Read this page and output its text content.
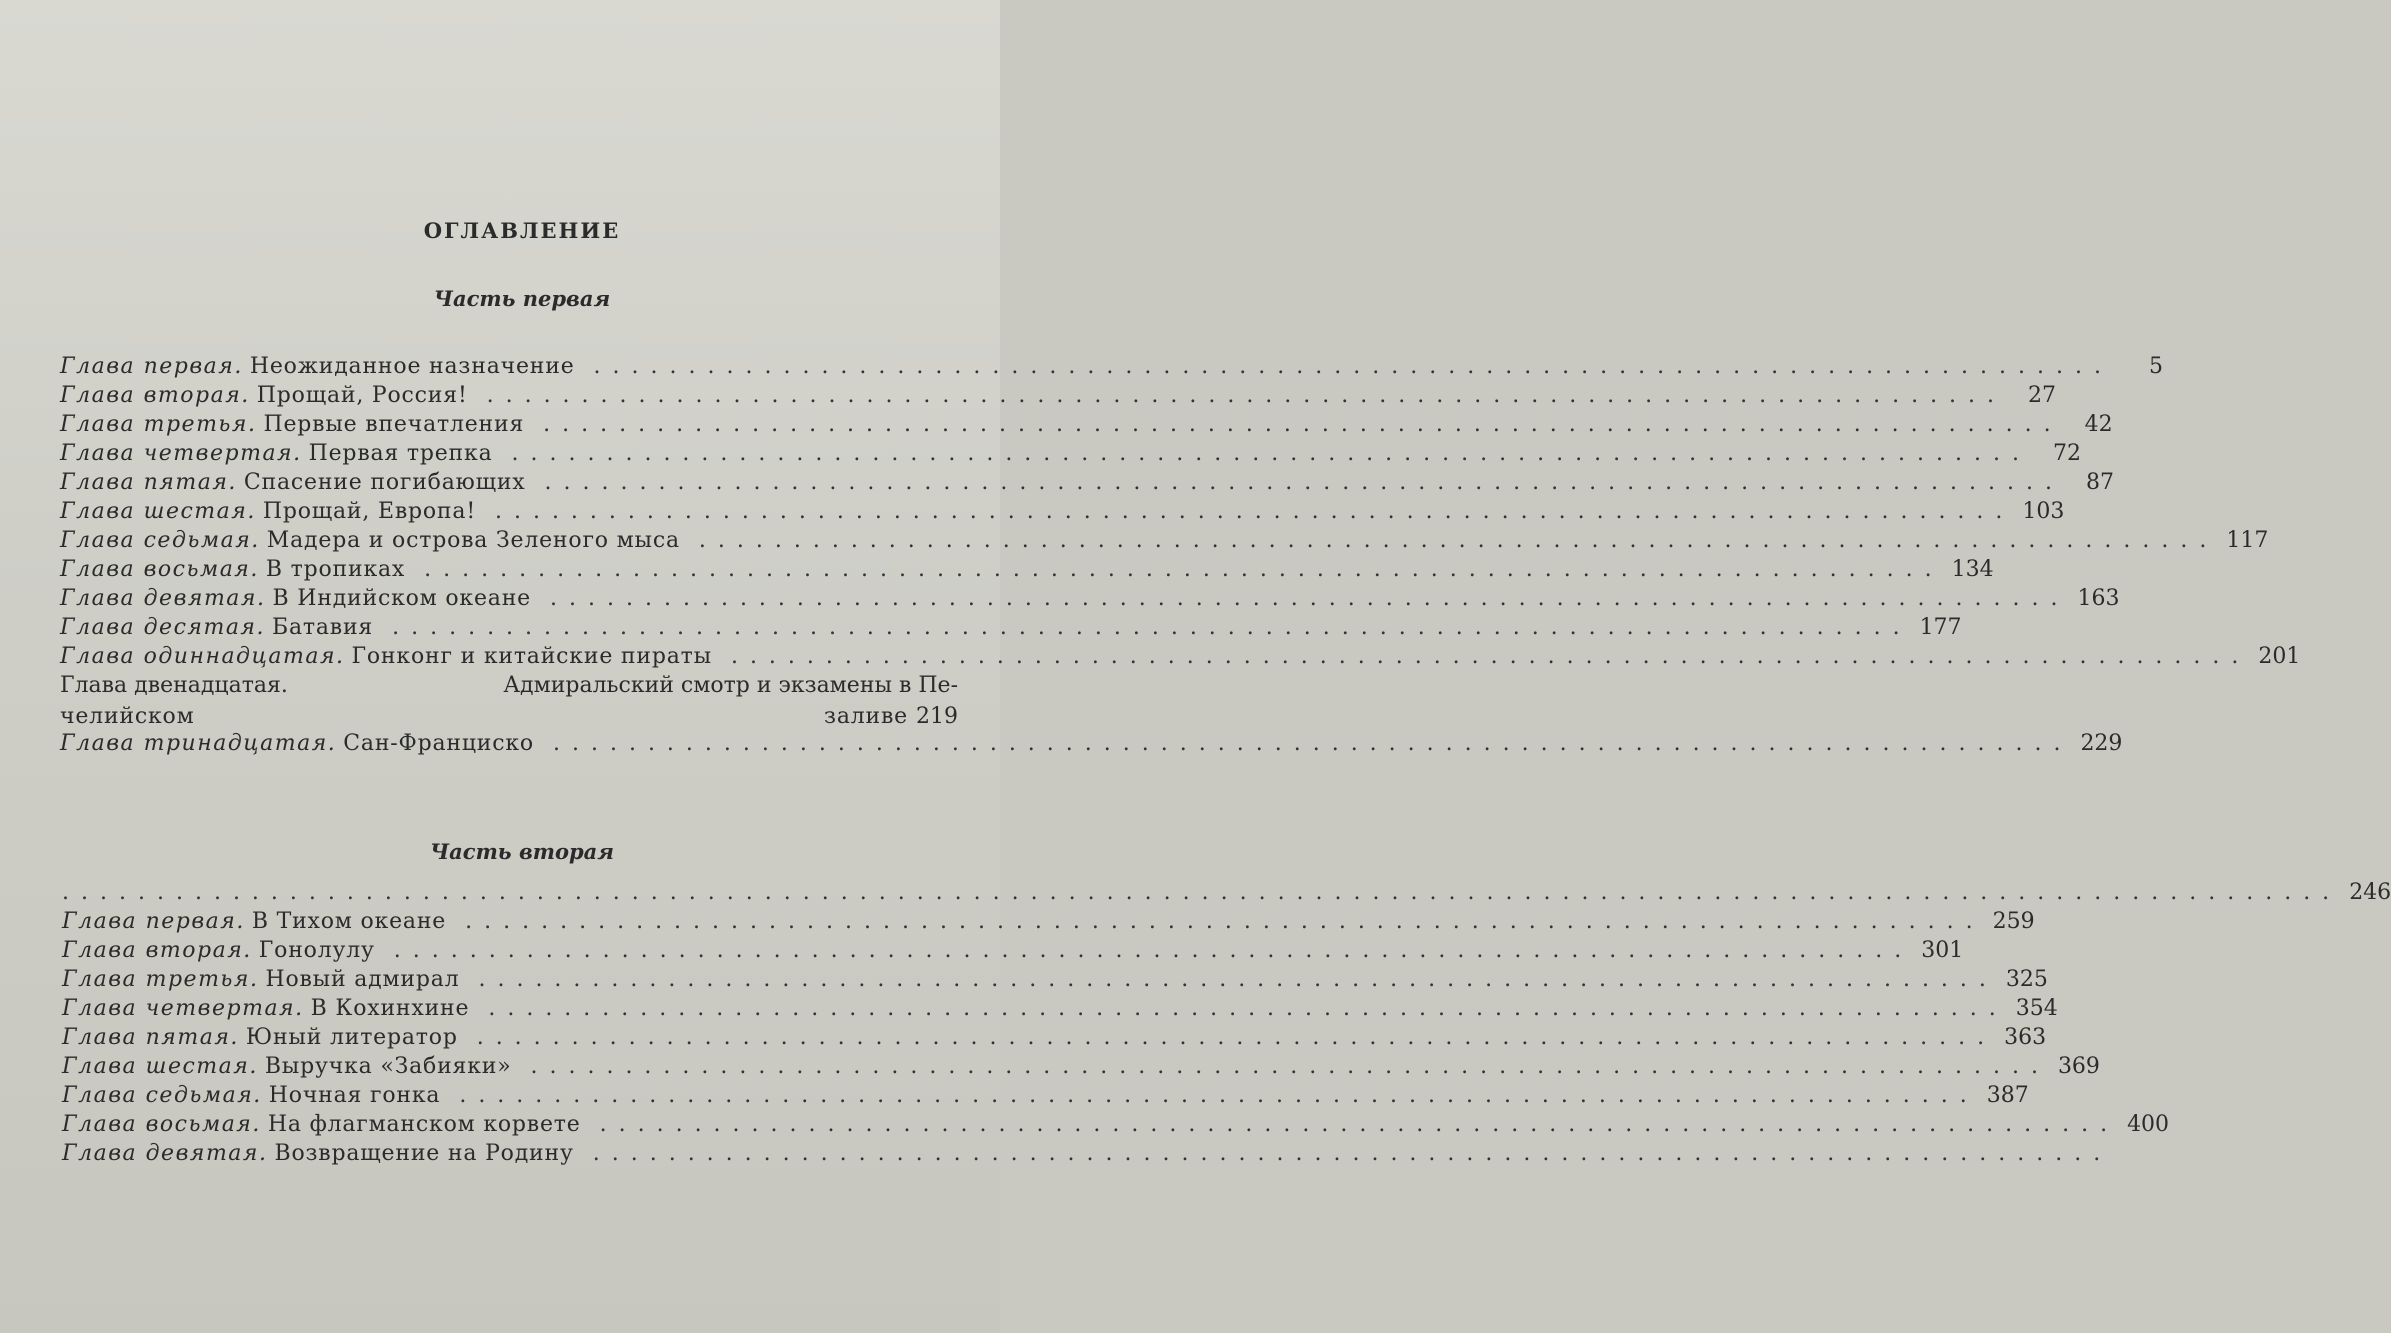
ОГЛАВЛЕНИЕ
Часть первая
Глава первая. Неожиданное назначение ................................................................................	5
Глава вторая. Прощай, Россия! ................................................................................	27
Глава третья. Первые впечатления ................................................................................	42
Глава четвертая. Первая трепка ................................................................................	72
Глава пятая. Спасение погибающих ................................................................................	87
Глава шестая. Прощай, Европа! ................................................................................ 103
Глава седьмая. Мадера и острова Зеленого мыса ................................................................................ 117
Глава восьмая. В тропиках ................................................................................ 134
Глава девятая. В Индийском океане ................................................................................ 163
Глава десятая. Батавия ................................................................................ 177
Глава одиннадцатая. Гонконг и китайские пираты ................................................................................ 201
Глава двенадцатая.	Адмиральский смотр и экзамены в Пе-
челийском заливе 219
Глава тринадцатая. Сан-Франциско ................................................................................ 229
Часть вторая
........................................................................................................................ 246
Глава первая. В Тихом океане ................................................................................ 259
Глава вторая. Гонолулу ................................................................................ 301
Глава третья. Новый адмирал ................................................................................ 325
Глава четвертая. В Кохинхине ................................................................................ 354
Глава пятая. Юный литератор ................................................................................ 363
Глава шестая. Выручка «Забияки» ................................................................................ 369
Глава седьмая. Ночная гонка ................................................................................ 387
Глава восьмая. На флагманском корвете ................................................................................ 400
Глава девятая. Возвращение на Родину ................................................................................
